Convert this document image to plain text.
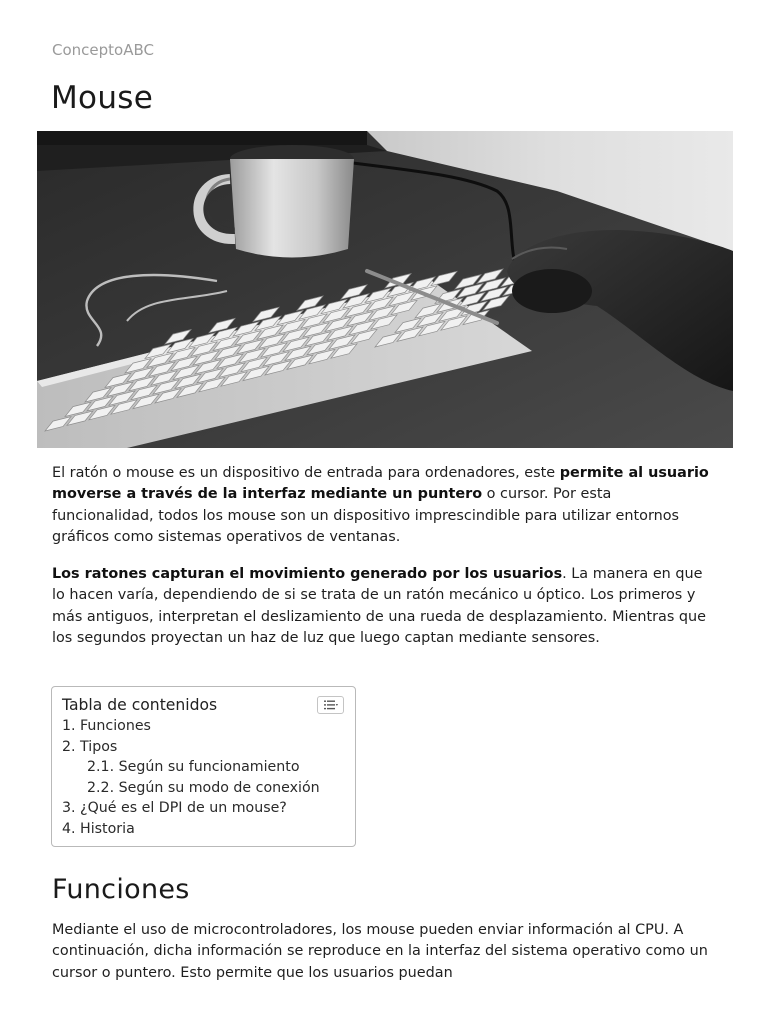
ConceptoABC
Mouse

El ratón o mouse es un dispositivo de entrada para ordenadores, este permite al usuario moverse a través de la interfaz mediante un puntero o cursor. Por esta funcionalidad, todos los mouse son un dispositivo imprescindible para utilizar entornos gráficos como sistemas operativos de ventanas.

Los ratones capturan el movimiento generado por los usuarios. La manera en que lo hacen varía, dependiendo de si se trata de un ratón mecánico u óptico. Los primeros y más antiguos, interpretan el deslizamiento de una rueda de desplazamiento. Mientras que los segundos proyectan un haz de luz que luego captan mediante sensores.

Tabla de contenidos
1. Funciones
2. Tipos
2.1. Según su funcionamiento
2.2. Según su modo de conexión
3. ¿Qué es el DPI de un mouse?
4. Historia
Funciones

Mediante el uso de microcontroladores, los mouse pueden enviar información al CPU. A continuación, dicha información se reproduce en la interfaz del sistema operativo como un cursor o puntero. Esto permite que los usuarios puedan
